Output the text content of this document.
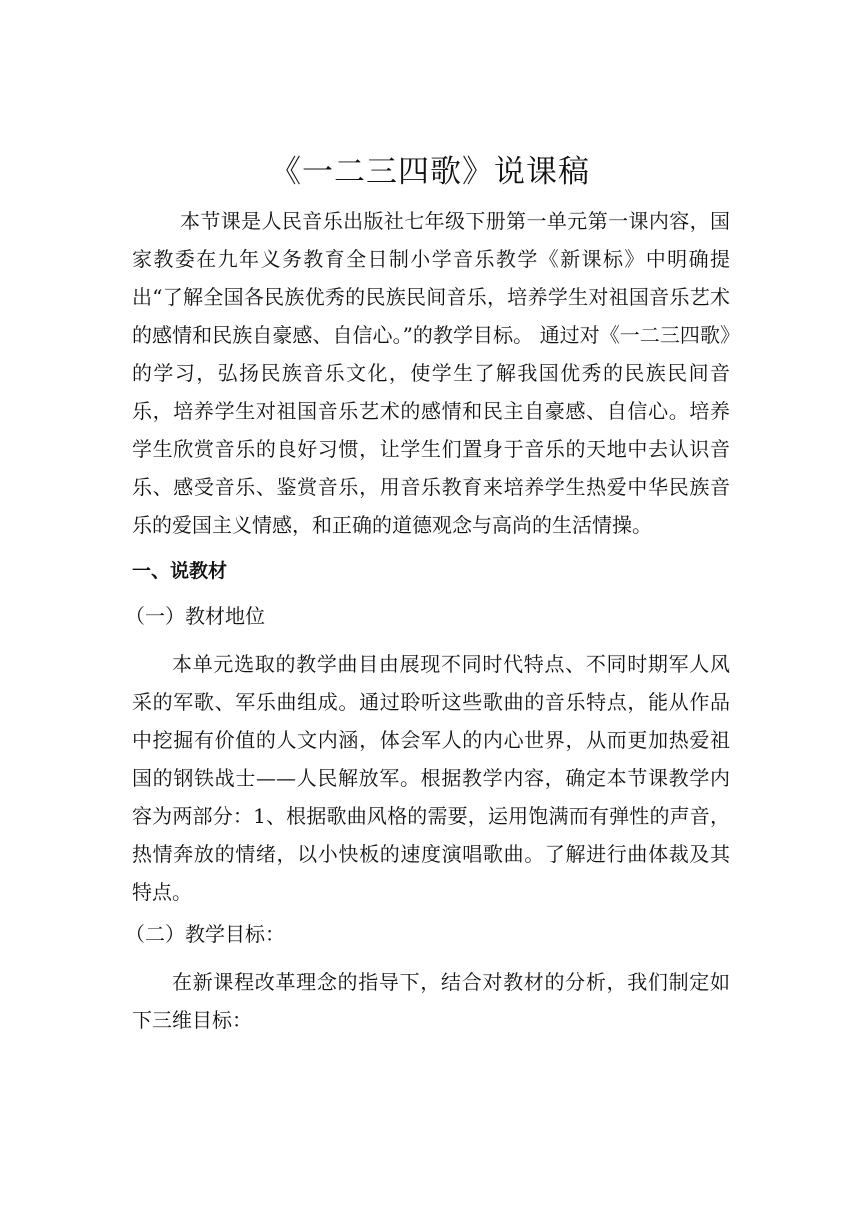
《一二三四歌》说课稿

本节课是人民音乐出版社七年级下册第一单元第一课内容，国家教委在九年义务教育全日制小学音乐教学《新课标》中明确提出“了解全国各民族优秀的民族民间音乐，培养学生对祖国音乐艺术的感情和民族自豪感、自信心。”的教学目标。 通过对《一二三四歌》的学习，弘扬民族音乐文化，使学生了解我国优秀的民族民间音乐，培养学生对祖国音乐艺术的感情和民主自豪感、自信心。培养学生欣赏音乐的良好习惯，让学生们置身于音乐的天地中去认识音乐、感受音乐、鉴赏音乐，用音乐教育来培养学生热爱中华民族音乐的爱国主义情感，和正确的道德观念与高尚的生活情操。

一、说教材

（一）教材地位

本单元选取的教学曲目由展现不同时代特点、不同时期军人风采的军歌、军乐曲组成。通过聆听这些歌曲的音乐特点，能从作品中挖掘有价值的人文内涵，体会军人的内心世界，从而更加热爱祖国的钢铁战士——人民解放军。根据教学内容，确定本节课教学内容为两部分：1、根据歌曲风格的需要，运用饱满而有弹性的声音，热情奔放的情绪，以小快板的速度演唱歌曲。了解进行曲体裁及其特点。

（二）教学目标：

在新课程改革理念的指导下，结合对教材的分析，我们制定如下三维目标：
